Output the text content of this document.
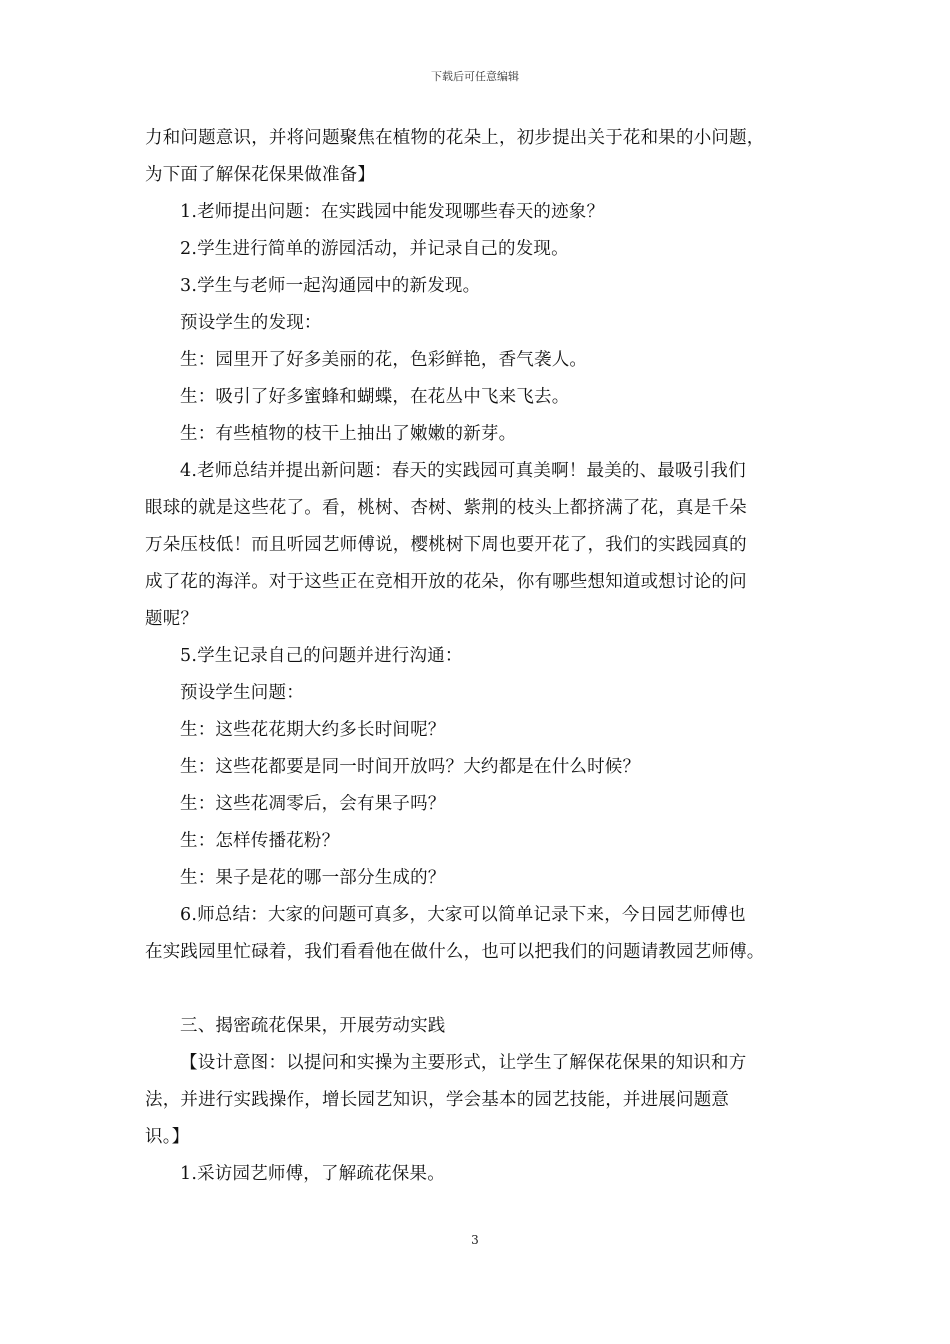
下载后可任意编辑
力和问题意识，并将问题聚焦在植物的花朵上，初步提出关于花和果的小问题，
为下面了解保花保果做准备】
1.老师提出问题：在实践园中能发现哪些春天的迹象？
2.学生进行简单的游园活动，并记录自己的发现。
3.学生与老师一起沟通园中的新发现。
预设学生的发现：
生：园里开了好多美丽的花，色彩鲜艳，香气袭人。
生：吸引了好多蜜蜂和蝴蝶，在花丛中飞来飞去。
生：有些植物的枝干上抽出了嫩嫩的新芽。
4.老师总结并提出新问题：春天的实践园可真美啊！最美的、最吸引我们
眼球的就是这些花了。看，桃树、杏树、紫荆的枝头上都挤满了花，真是千朵
万朵压枝低！而且听园艺师傅说，樱桃树下周也要开花了，我们的实践园真的
成了花的海洋。对于这些正在竞相开放的花朵，你有哪些想知道或想讨论的问
题呢？
5.学生记录自己的问题并进行沟通：
预设学生问题：
生：这些花花期大约多长时间呢？
生：这些花都要是同一时间开放吗？大约都是在什么时候？
生：这些花凋零后，会有果子吗？
生：怎样传播花粉？
生：果子是花的哪一部分生成的？
6.师总结：大家的问题可真多，大家可以简单记录下来，今日园艺师傅也
在实践园里忙碌着，我们看看他在做什么，也可以把我们的问题请教园艺师傅。
三、揭密疏花保果，开展劳动实践
【设计意图：以提问和实操为主要形式，让学生了解保花保果的知识和方
法，并进行实践操作，增长园艺知识，学会基本的园艺技能，并进展问题意
识。】
1.采访园艺师傅，了解疏花保果。
3
